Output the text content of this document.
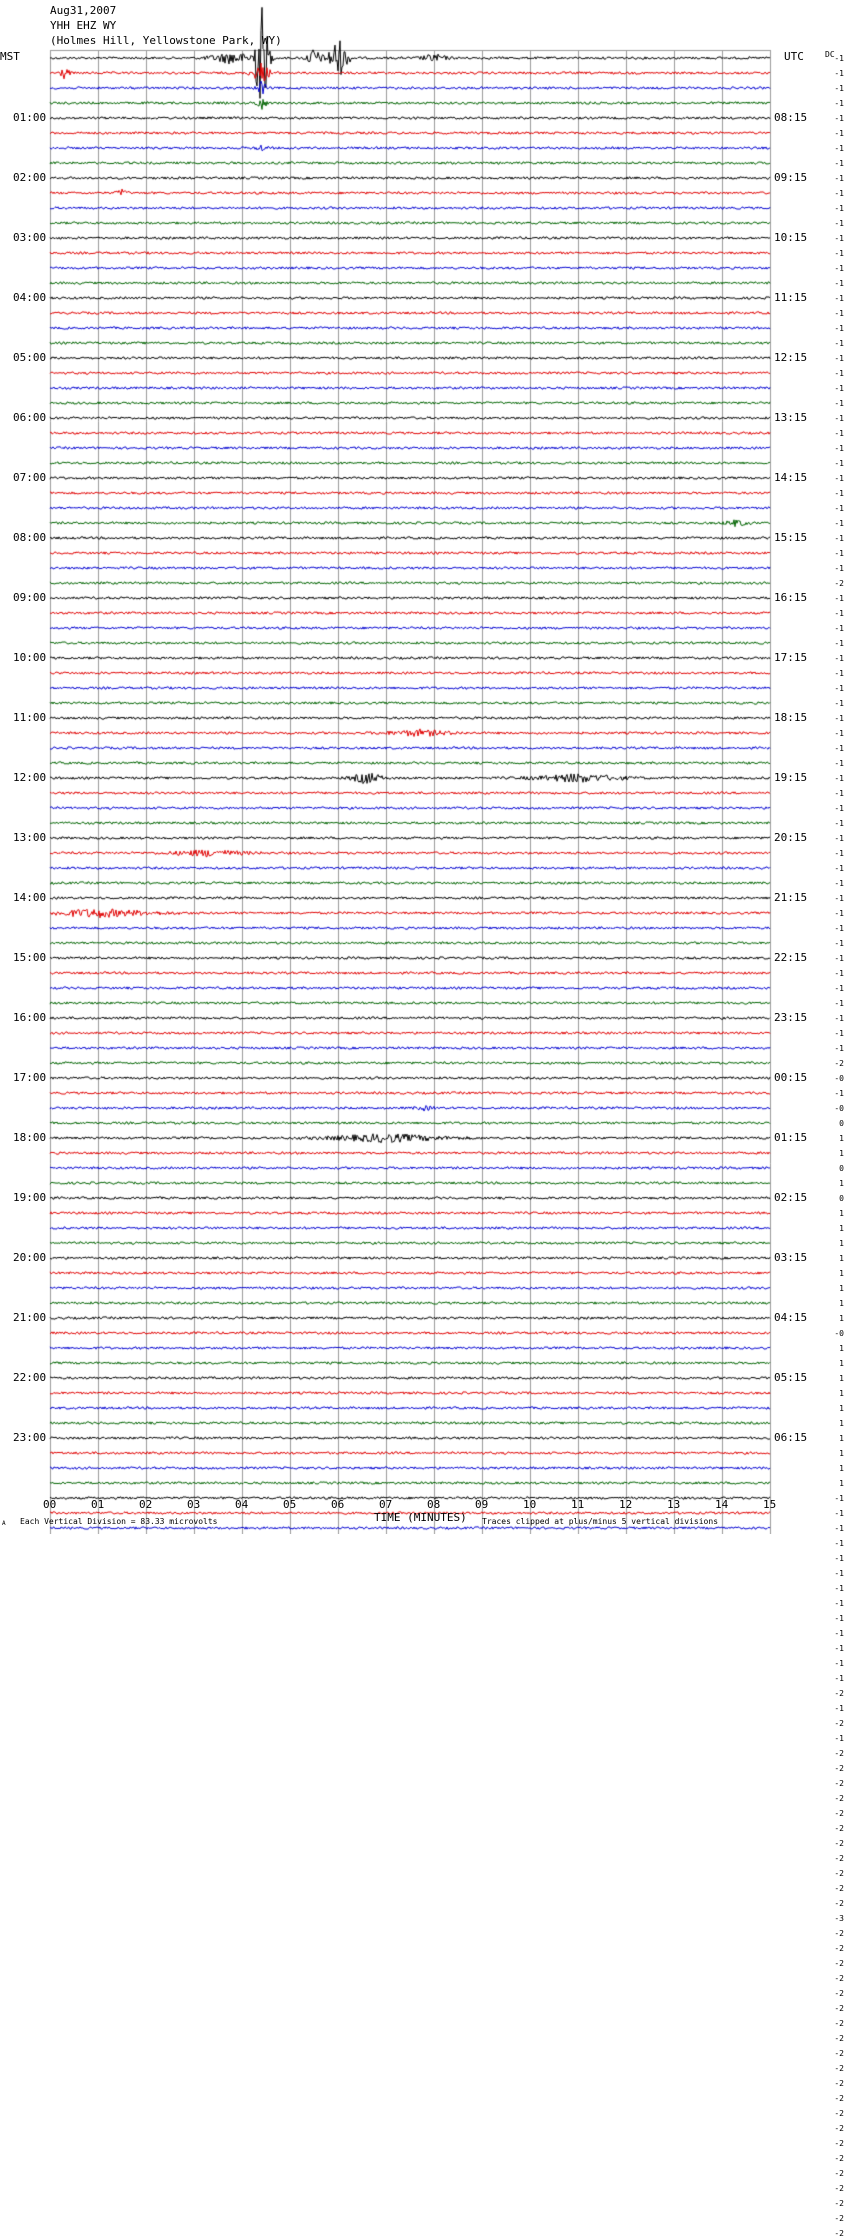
Aug31,2007
YHH EHZ WY
(Holmes Hill, Yellowstone Park, WY)
MST	UTC	DC
01:00
02:00
03:00
04:00
05:00
06:00
07:00
08:00
09:00
10:00
11:00
12:00
13:00
14:00
15:00
16:00
17:00
18:00
19:00
20:00
21:00
22:00
23:00
08:15
09:15
10:15
11:15
12:15
13:15
14:15
15:15
16:15
17:15
18:15
19:15
20:15
21:15
22:15
23:15
00:15
01:15
02:15
03:15
04:15
05:15
06:15
-1
-1
-1
-1
-1
-1
-1
-1
-1
-1
-1
-1
-1
-1
-1
-1
-1
-1
-1
-1
-1
-1
-1
-1
-1
-1
-1
-1
-1
-1
-1
-1
-1
-1
-1
-2
-1
-1
-1
-1
-1
-1
-1
-1
-1
-1
-1
-1
-1
-1
-1
-1
-1
-1
-1
-1
-1
-1
-1
-1
-1
-1
-1
-1
-1
-1
-1
-2
-0
-1
-0
0
1
1
0
1
0
1
1
1
1
1
1
1
1
-0
1
1
1
1
1
1
1
1
1
1
-1
-1
-1
-1
-1
-1
-1
-1
-1
-1
-1
-1
-1
-2
-1
-2
-1
-2
-2
-2
-2
-2
-2
-2
-2
-2
-2
-2
-3
-2
-2
-2
-2
-2
-2
-2
-2
-2
-2
-2
-2
-2
-2
-2
-2
-2
-2
-2
-2
-2
00	01	02	03	04	05	06	07	08	09	10	11	12	13	14	15
TIME (MINUTES)
Each Vertical Division = 83.33 microvolts	Traces clipped at plus/minus 5 vertical divisions
A
